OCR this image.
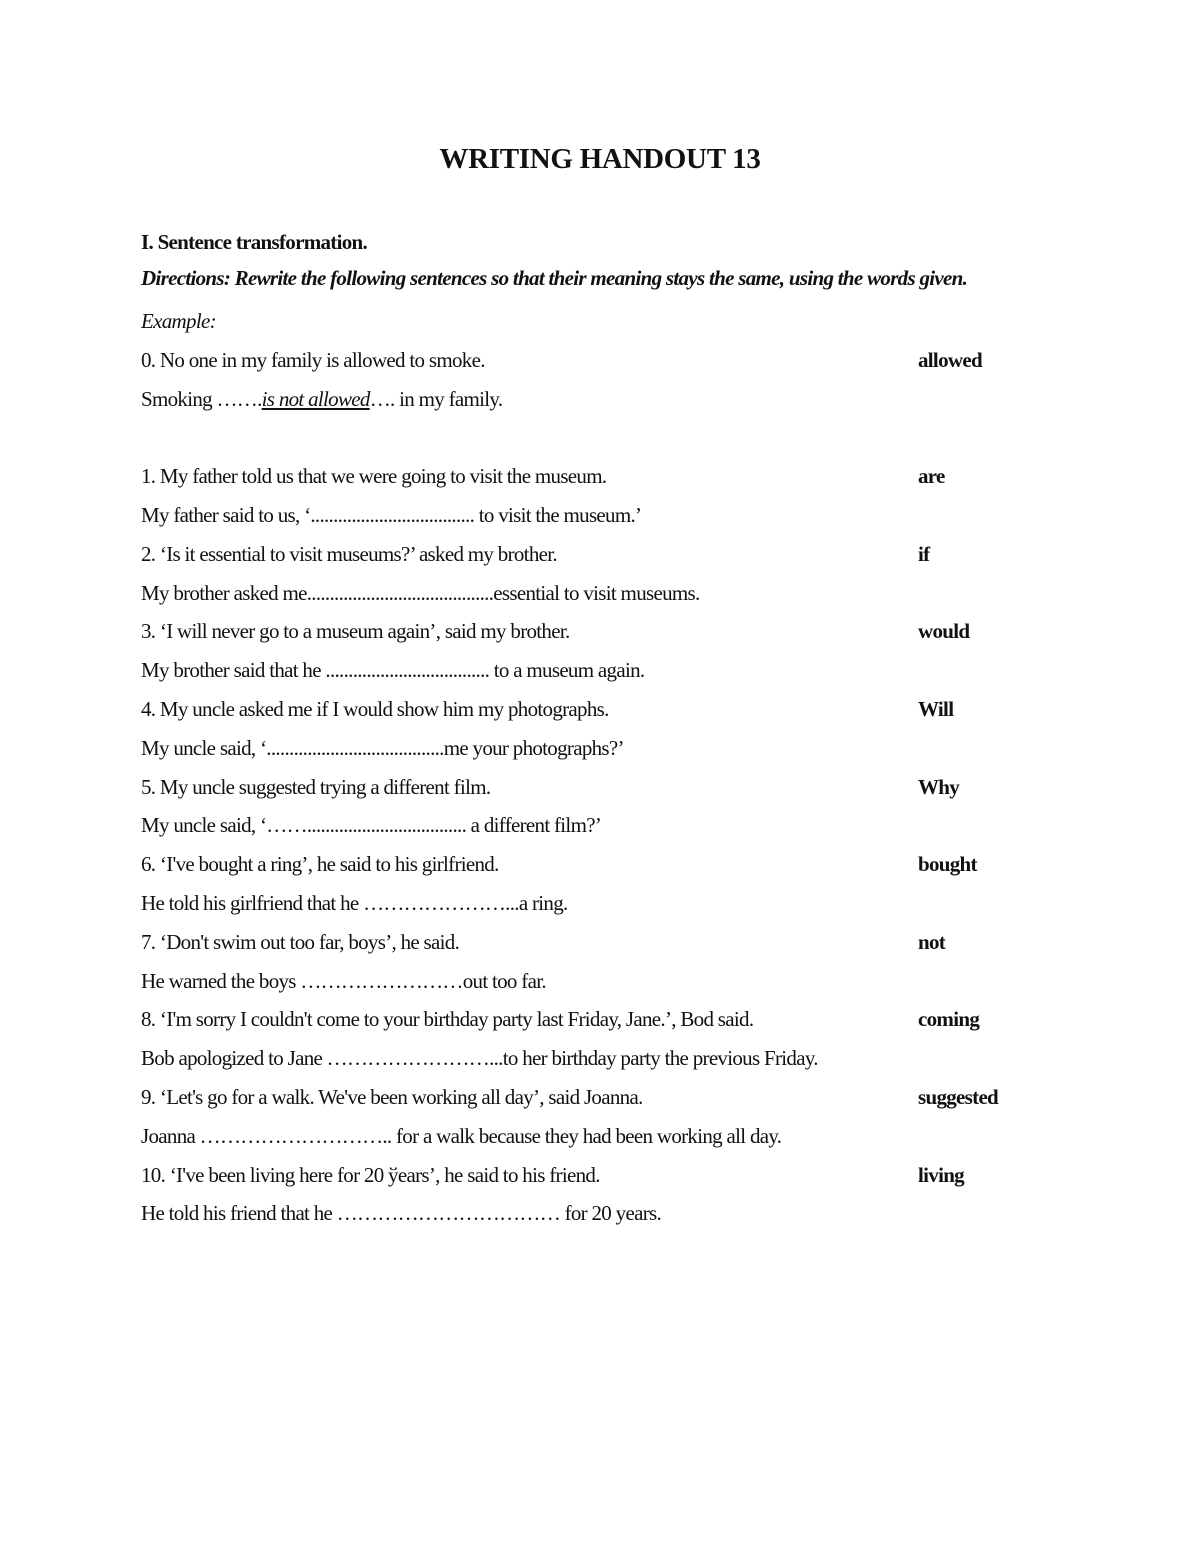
WRITING HANDOUT 13
I. Sentence transformation.
Directions: Rewrite the following sentences so that their meaning stays the same, using the words given.
Example:
0. No one in my family is allowed to smoke.	allowed
Smoking …….is not allowed…. in my family.
1. My father told us that we were going to visit the museum.	are
My father said to us, ‘.................................... to visit the museum.’
2. ‘Is it essential to visit museums?’ asked my brother.	if
My brother asked me.........................................essential to visit museums.
3. ‘I will never go to a museum again’, said my brother.	would
My brother said that he .................................... to a museum again.
4. My uncle asked me if I would show him my photographs.	Will
My uncle said, ‘.......................................me your photographs?’
5. My uncle suggested trying a different film.	Why
My uncle said, ‘……................................... a different film?’
6. ‘I've bought a ring’, he said to his girlfriend.	bought
He told his girlfriend that he …………………...a ring.
7. ‘Don't swim out too far, boys’, he said.	not
He warned the boys ……………………out too far.
8. ‘I'm sorry I couldn't come to your birthday party last Friday, Jane.’, Bod said.	coming
Bob apologized to Jane ……………………...to her birthday party the previous Friday.
9. ‘Let's go for a walk. We've been working all day’, said Joanna.	suggested
Joanna ……………………….. for a walk because they had been working all day.
10. ‘I've been living here for 20 ўears’, he said to his friend.	living
He told his friend that he …………………………… for 20 years.
